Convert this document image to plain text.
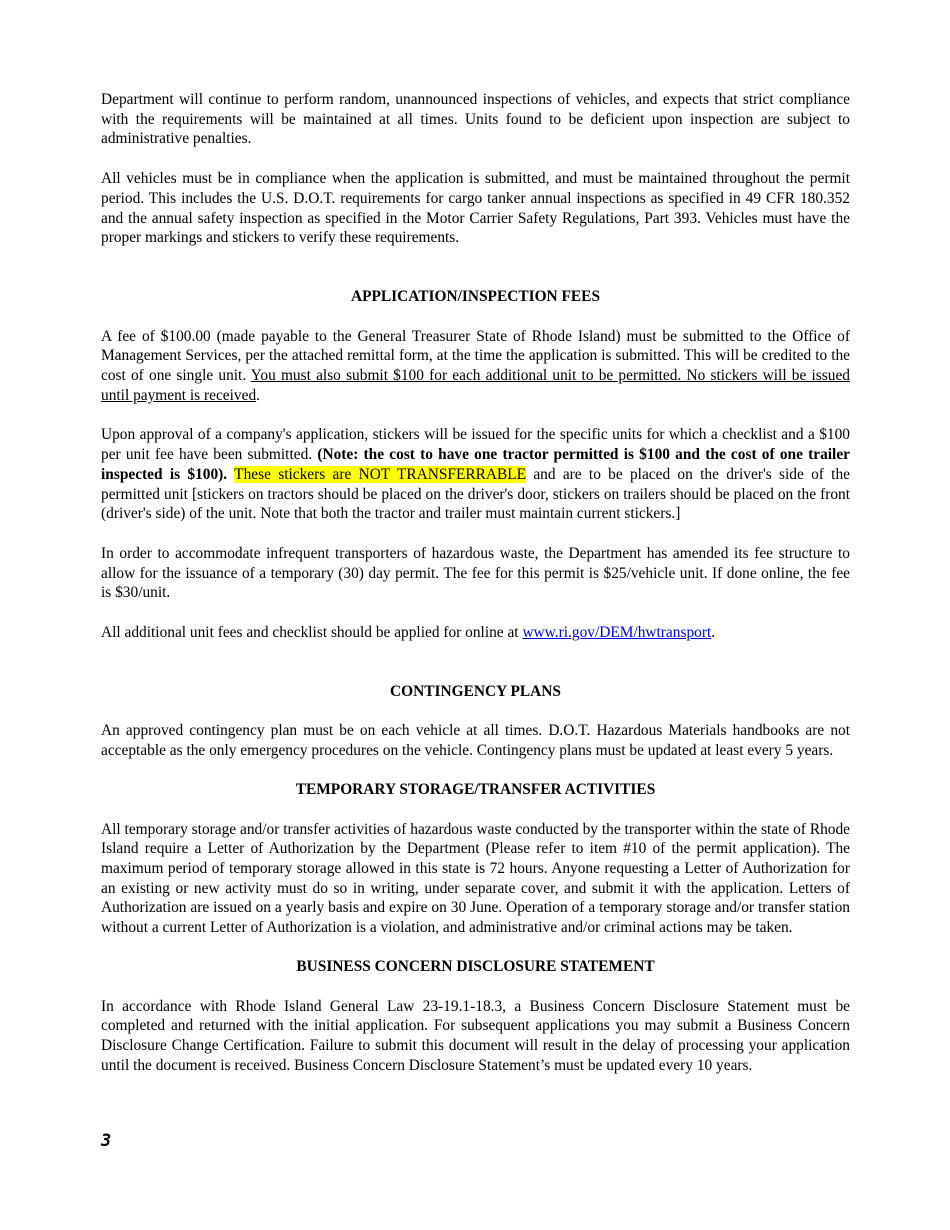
Department will continue to perform random, unannounced inspections of vehicles, and expects that strict compliance with the requirements will be maintained at all times. Units found to be deficient upon inspection are subject to administrative penalties.

All vehicles must be in compliance when the application is submitted, and must be maintained throughout the permit period. This includes the U.S. D.O.T. requirements for cargo tanker annual inspections as specified in 49 CFR 180.352 and the annual safety inspection as specified in the Motor Carrier Safety Regulations, Part 393. Vehicles must have the proper markings and stickers to verify these requirements.

APPLICATION/INSPECTION FEES

A fee of $100.00 (made payable to the General Treasurer State of Rhode Island) must be submitted to the Office of Management Services, per the attached remittal form, at the time the application is submitted. This will be credited to the cost of one single unit. You must also submit $100 for each additional unit to be permitted. No stickers will be issued until payment is received.

Upon approval of a company's application, stickers will be issued for the specific units for which a checklist and a $100 per unit fee have been submitted. (Note: the cost to have one tractor permitted is $100 and the cost of one trailer inspected is $100). These stickers are NOT TRANSFERRABLE and are to be placed on the driver's side of the permitted unit [stickers on tractors should be placed on the driver's door, stickers on trailers should be placed on the front (driver's side) of the unit. Note that both the tractor and trailer must maintain current stickers.]

In order to accommodate infrequent transporters of hazardous waste, the Department has amended its fee structure to allow for the issuance of a temporary (30) day permit. The fee for this permit is $25/vehicle unit. If done online, the fee is $30/unit.

All additional unit fees and checklist should be applied for online at www.ri.gov/DEM/hwtransport.

CONTINGENCY PLANS

An approved contingency plan must be on each vehicle at all times. D.O.T. Hazardous Materials handbooks are not acceptable as the only emergency procedures on the vehicle. Contingency plans must be updated at least every 5 years.

TEMPORARY STORAGE/TRANSFER ACTIVITIES

All temporary storage and/or transfer activities of hazardous waste conducted by the transporter within the state of Rhode Island require a Letter of Authorization by the Department (Please refer to item #10 of the permit application). The maximum period of temporary storage allowed in this state is 72 hours. Anyone requesting a Letter of Authorization for an existing or new activity must do so in writing, under separate cover, and submit it with the application. Letters of Authorization are issued on a yearly basis and expire on 30 June. Operation of a temporary storage and/or transfer station without a current Letter of Authorization is a violation, and administrative and/or criminal actions may be taken.

BUSINESS CONCERN DISCLOSURE STATEMENT

In accordance with Rhode Island General Law 23-19.1-18.3, a Business Concern Disclosure Statement must be completed and returned with the initial application. For subsequent applications you may submit a Business Concern Disclosure Change Certification. Failure to submit this document will result in the delay of processing your application until the document is received. Business Concern Disclosure Statement’s must be updated every 10 years.

3
